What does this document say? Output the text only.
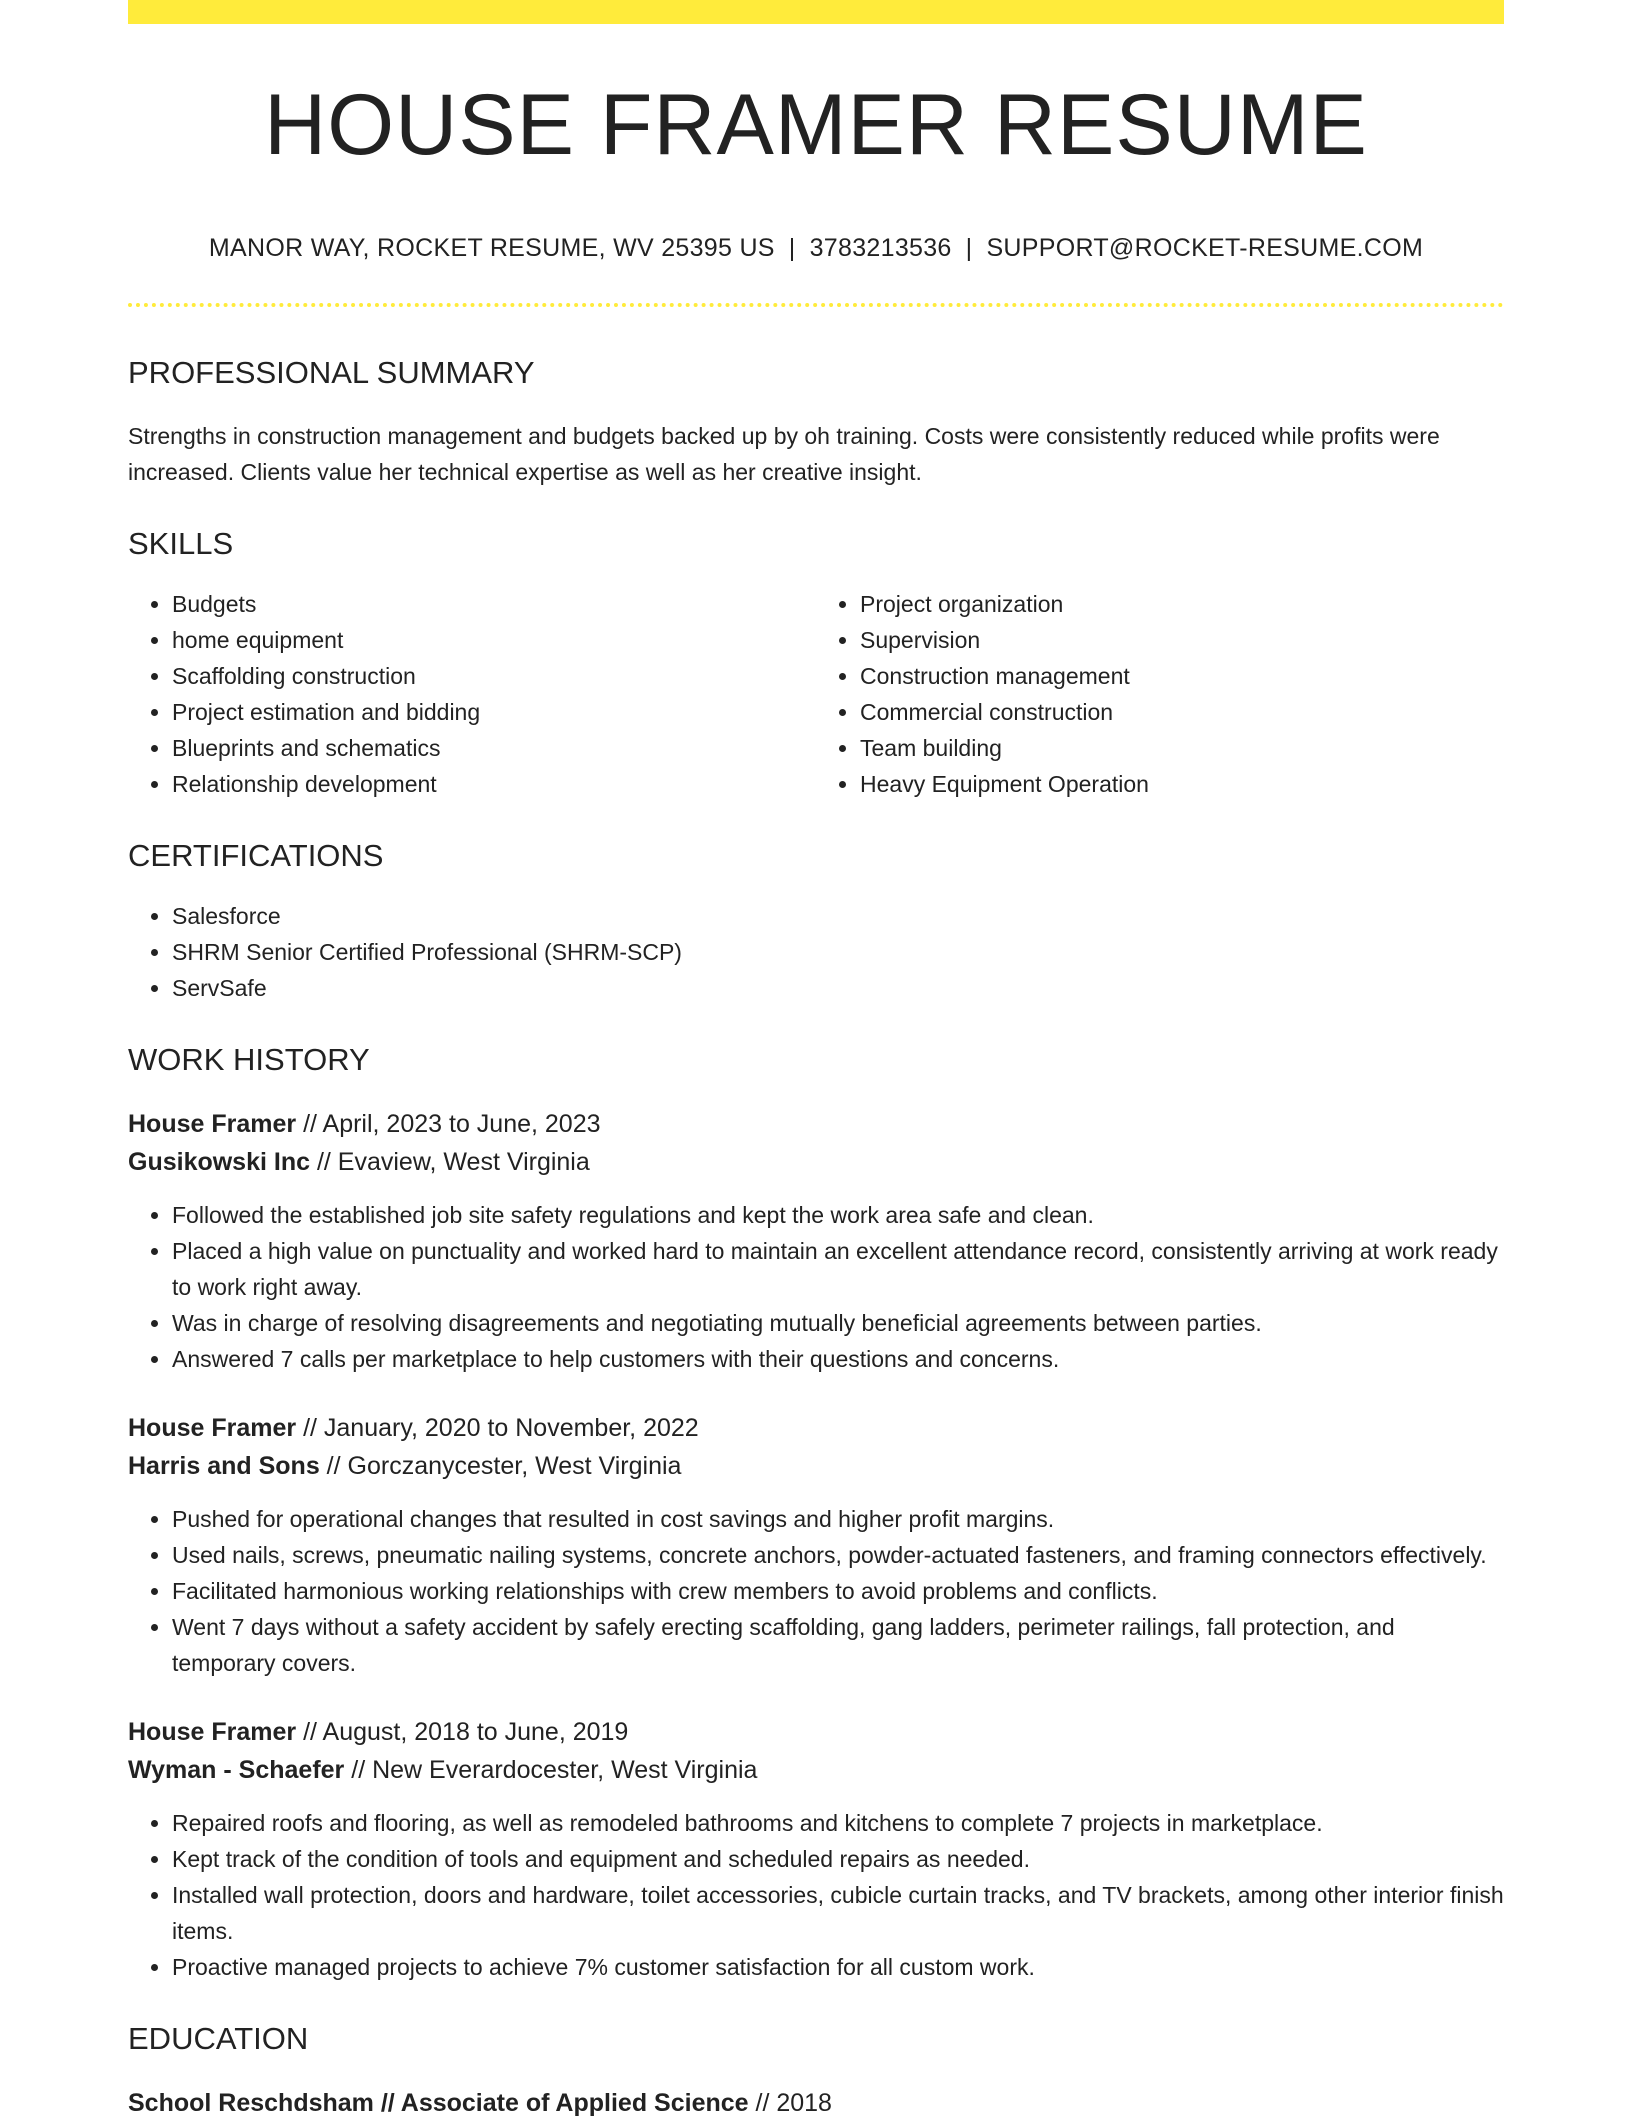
HOUSE FRAMER RESUME
MANOR WAY, ROCKET RESUME, WV 25395 US | 3783213536 | SUPPORT@ROCKET-RESUME.COM
PROFESSIONAL SUMMARY
Strengths in construction management and budgets backed up by oh training. Costs were consistently reduced while profits were increased. Clients value her technical expertise as well as her creative insight.
SKILLS
• Budgets
• home equipment
• Scaffolding construction
• Project estimation and bidding
• Blueprints and schematics
• Relationship development
• Project organization
• Supervision
• Construction management
• Commercial construction
• Team building
• Heavy Equipment Operation
CERTIFICATIONS
• Salesforce
• SHRM Senior Certified Professional (SHRM-SCP)
• ServSafe
WORK HISTORY
House Framer // April, 2023 to June, 2023
Gusikowski Inc // Evaview, West Virginia
• Followed the established job site safety regulations and kept the work area safe and clean.
• Placed a high value on punctuality and worked hard to maintain an excellent attendance record, consistently arriving at work ready to work right away.
• Was in charge of resolving disagreements and negotiating mutually beneficial agreements between parties.
• Answered 7 calls per marketplace to help customers with their questions and concerns.
House Framer // January, 2020 to November, 2022
Harris and Sons // Gorczanycester, West Virginia
• Pushed for operational changes that resulted in cost savings and higher profit margins.
• Used nails, screws, pneumatic nailing systems, concrete anchors, powder-actuated fasteners, and framing connectors effectively.
• Facilitated harmonious working relationships with crew members to avoid problems and conflicts.
• Went 7 days without a safety accident by safely erecting scaffolding, gang ladders, perimeter railings, fall protection, and temporary covers.
House Framer // August, 2018 to June, 2019
Wyman - Schaefer // New Everardocester, West Virginia
• Repaired roofs and flooring, as well as remodeled bathrooms and kitchens to complete 7 projects in marketplace.
• Kept track of the condition of tools and equipment and scheduled repairs as needed.
• Installed wall protection, doors and hardware, toilet accessories, cubicle curtain tracks, and TV brackets, among other interior finish items.
• Proactive managed projects to achieve 7% customer satisfaction for all custom work.
EDUCATION
School Reschdsham // Associate of Applied Science // 2018
